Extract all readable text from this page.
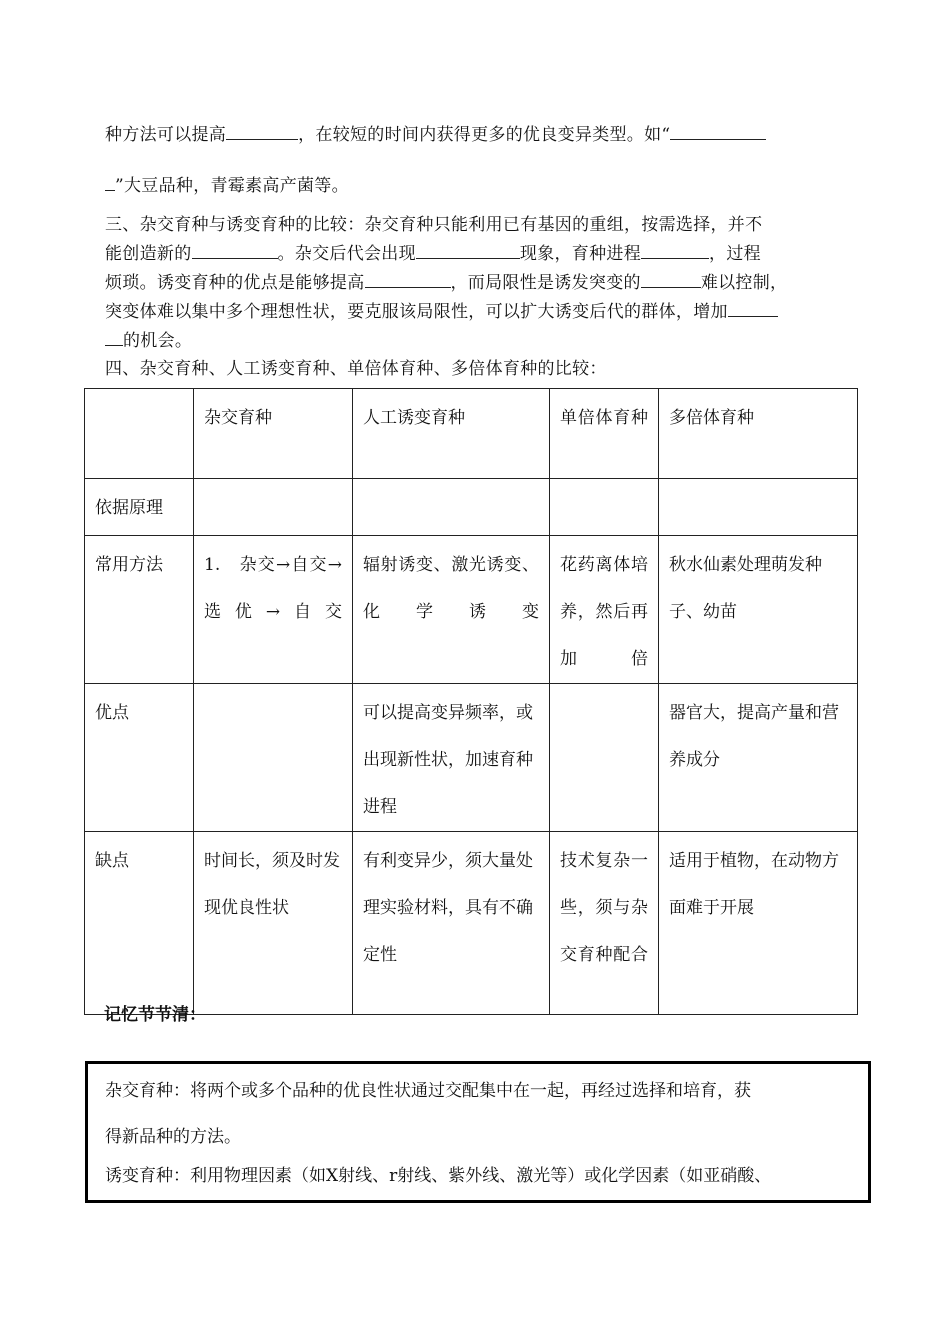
种方法可以提高	，在较短的时间内获得更多的优良变异类型。如“
”大豆品种，青霉素高产菌等。
三、杂交育种与诱变育种的比较：杂交育种只能利用已有基因的重组，按需选择，并不
能创造新的	。杂交后代会出现	现象，育种进程	，过程
烦琐。诱变育种的优点是能够提高	，而局限性是诱发突变的	难以控制，
突变体难以集中多个理想性状，要克服该局限性，可以扩大诱变后代的群体，增加
的机会。
四、杂交育种、人工诱变育种、单倍体育种、多倍体育种的比较：
	杂交育种	人工诱变育种	单倍体育种	多倍体育种
依据原理				
常用方法	1.　杂交→自交→选优→自交	辐射诱变、激光诱变、化学诱变	花药离体培养，然后再加倍	秋水仙素处理萌发种子、幼苗
优点		可以提高变异频率，或出现新性状，加速育种进程		器官大，提高产量和营养成分
缺点	时间长，须及时发现优良性状	有利变异少，须大量处理实验材料，具有不确定性	技术复杂一些，须与杂交育种配合	适用于植物，在动物方面难于开展
记忆节节清：
杂交育种：将两个或多个品种的优良性状通过交配集中在一起，再经过选择和培育，获
得新品种的方法。
诱变育种：利用物理因素（如X射线、r射线、紫外线、激光等）或化学因素（如亚硝酸、
